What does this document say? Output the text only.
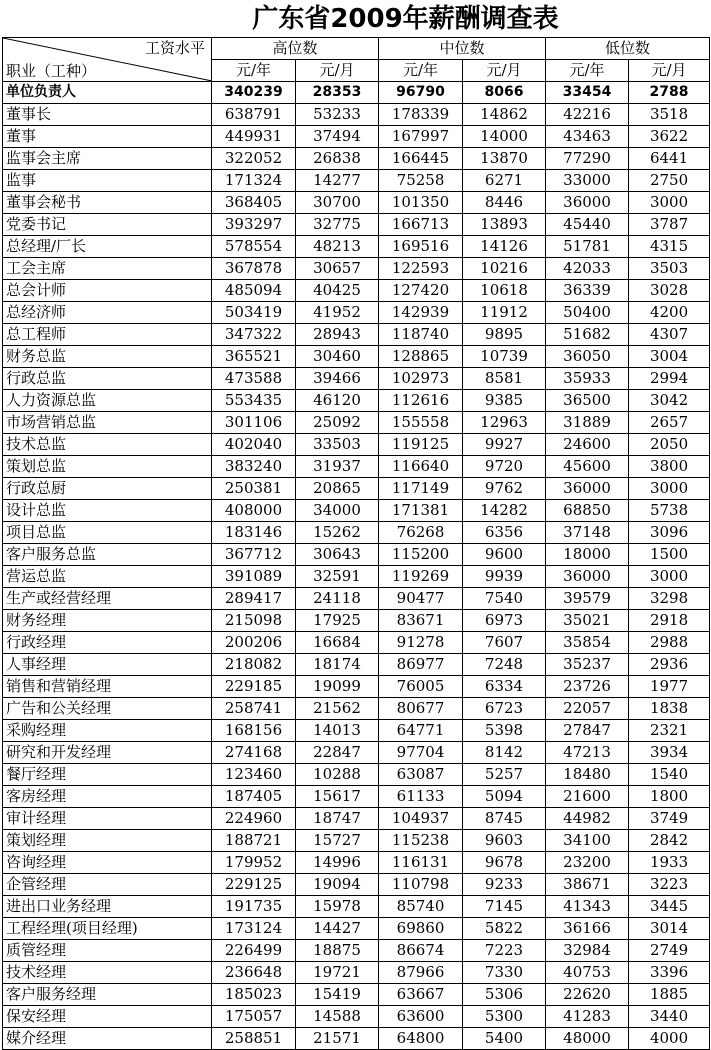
广东省2009年薪酬调查表
工资水平
职业（工种）	高位数		中位数		低位数	
	元/年	元/月	元/年	元/月	元/年	元/月
单位负责人	340239	28353	96790	8066	33454	2788
董事长	638791	53233	178339	14862	42216	3518
董事	449931	37494	167997	14000	43463	3622
监事会主席	322052	26838	166445	13870	77290	6441
监事	171324	14277	75258	6271	33000	2750
董事会秘书	368405	30700	101350	8446	36000	3000
党委书记	393297	32775	166713	13893	45440	3787
总经理/厂长	578554	48213	169516	14126	51781	4315
工会主席	367878	30657	122593	10216	42033	3503
总会计师	485094	40425	127420	10618	36339	3028
总经济师	503419	41952	142939	11912	50400	4200
总工程师	347322	28943	118740	9895	51682	4307
财务总监	365521	30460	128865	10739	36050	3004
行政总监	473588	39466	102973	8581	35933	2994
人力资源总监	553435	46120	112616	9385	36500	3042
市场营销总监	301106	25092	155558	12963	31889	2657
技术总监	402040	33503	119125	9927	24600	2050
策划总监	383240	31937	116640	9720	45600	3800
行政总厨	250381	20865	117149	9762	36000	3000
设计总监	408000	34000	171381	14282	68850	5738
项目总监	183146	15262	76268	6356	37148	3096
客户服务总监	367712	30643	115200	9600	18000	1500
营运总监	391089	32591	119269	9939	36000	3000
生产或经营经理	289417	24118	90477	7540	39579	3298
财务经理	215098	17925	83671	6973	35021	2918
行政经理	200206	16684	91278	7607	35854	2988
人事经理	218082	18174	86977	7248	35237	2936
销售和营销经理	229185	19099	76005	6334	23726	1977
广告和公关经理	258741	21562	80677	6723	22057	1838
采购经理	168156	14013	64771	5398	27847	2321
研究和开发经理	274168	22847	97704	8142	47213	3934
餐厅经理	123460	10288	63087	5257	18480	1540
客房经理	187405	15617	61133	5094	21600	1800
审计经理	224960	18747	104937	8745	44982	3749
策划经理	188721	15727	115238	9603	34100	2842
咨询经理	179952	14996	116131	9678	23200	1933
企管经理	229125	19094	110798	9233	38671	3223
进出口业务经理	191735	15978	85740	7145	41343	3445
工程经理(项目经理)	173124	14427	69860	5822	36166	3014
质管经理	226499	18875	86674	7223	32984	2749
技术经理	236648	19721	87966	7330	40753	3396
客户服务经理	185023	15419	63667	5306	22620	1885
保安经理	175057	14588	63600	5300	41283	3440
媒介经理	258851	21571	64800	5400	48000	4000
